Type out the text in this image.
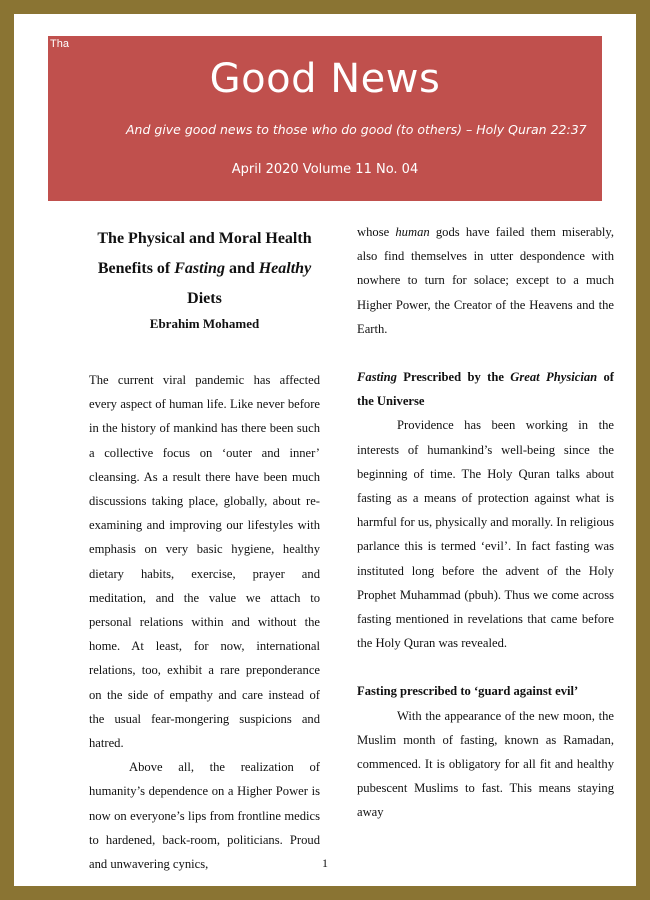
Tha
Good News
And give good news to those who do good (to others) – Holy Quran 22:37
April 2020 Volume 11 No. 04
The Physical and Moral Health Benefits of Fasting and Healthy Diets
Ebrahim Mohamed

The current viral pandemic has affected every aspect of human life. Like never before in the history of mankind has there been such a collective focus on ‘outer and inner’ cleansing. As a result there have been much discussions taking place, globally, about re-examining and improving our lifestyles with emphasis on very basic hygiene, healthy dietary habits, exercise, prayer and meditation, and the value we attach to personal relations within and without the home. At least, for now, international relations, too, exhibit a rare preponderance on the side of empathy and care instead of the usual fear-mongering suspicions and hatred.

Above all, the realization of humanity’s dependence on a Higher Power is now on everyone’s lips from frontline medics to hardened, back-room, politicians. Proud and unwavering cynics,

whose human gods have failed them miserably, also find themselves in utter despondence with nowhere to turn for solace; except to a much Higher Power, the Creator of the Heavens and the Earth.

Fasting Prescribed by the Great Physician of the Universe

Providence has been working in the interests of humankind’s well-being since the beginning of time. The Holy Quran talks about fasting as a means of protection against what is harmful for us, physically and morally. In religious parlance this is termed ‘evil’. In fact fasting was instituted long before the advent of the Holy Prophet Muhammad (pbuh). Thus we come across fasting mentioned in revelations that came before the Holy Quran was revealed.

Fasting prescribed to ‘guard against evil’

With the appearance of the new moon, the Muslim month of fasting, known as Ramadan, commenced. It is obligatory for all fit and healthy pubescent Muslims to fast. This means staying away

1
